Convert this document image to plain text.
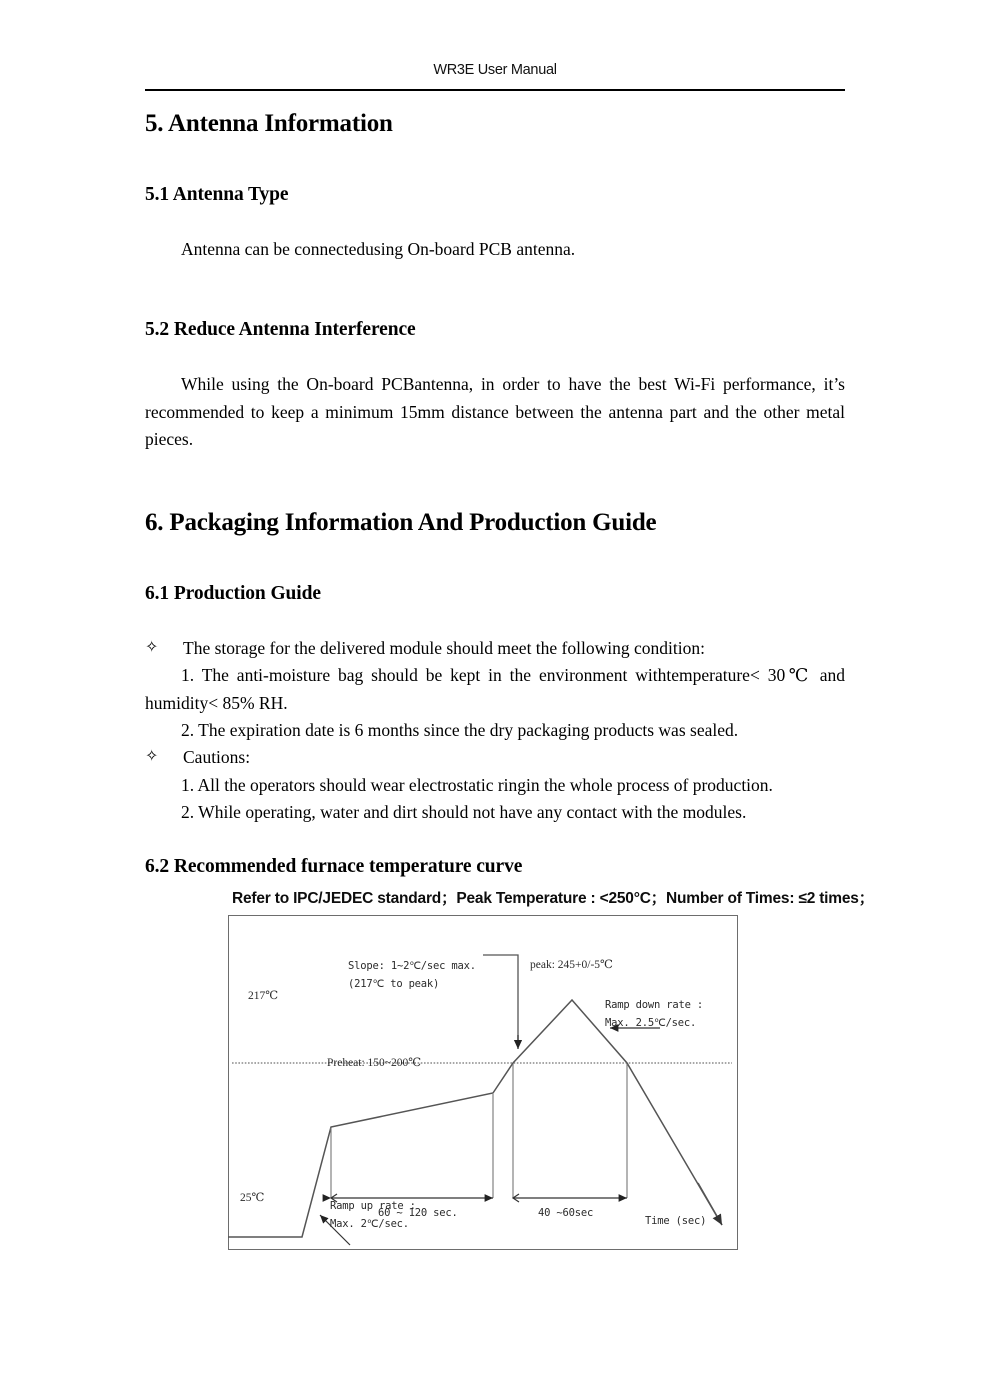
WR3E User Manual
5. Antenna Information
5.1 Antenna Type

Antenna can be connectedusing On-board PCB antenna.

5.2 Reduce Antenna Interference

While using the On-board PCBantenna, in order to have the best Wi-Fi performance, it’s recommended to keep a minimum 15mm distance between the antenna part and the other metal pieces.

6. Packaging Information And Production Guide
6.1 Production Guide
✧	The storage for the delivered module should meet the following condition:

1. The anti-moisture bag should be kept in the environment withtemperature< 30℃ and humidity< 85% RH.

2. The expiration date is 6 months since the dry packaging products was sealed.

✧	Cautions:

1. All the operators should wear electrostatic ringin the whole process of production.

2. While operating, water and dirt should not have any contact with the modules.

6.2 Recommended furnace temperature curve

Refer to IPC/JEDEC standard；Peak Temperature : <250°C；Number of Times: ≤2 times；
Slope: 1~2℃/sec max.
(217℃ to peak)
peak: 245+0/-5℃
Ramp down rate :
Max. 2.5℃/sec.
217℃
Preheat: 150~200℃
25℃
Ramp up rate :
Max. 2℃/sec.
60 ~ 120 sec.	40 ~60sec
Time (sec)
